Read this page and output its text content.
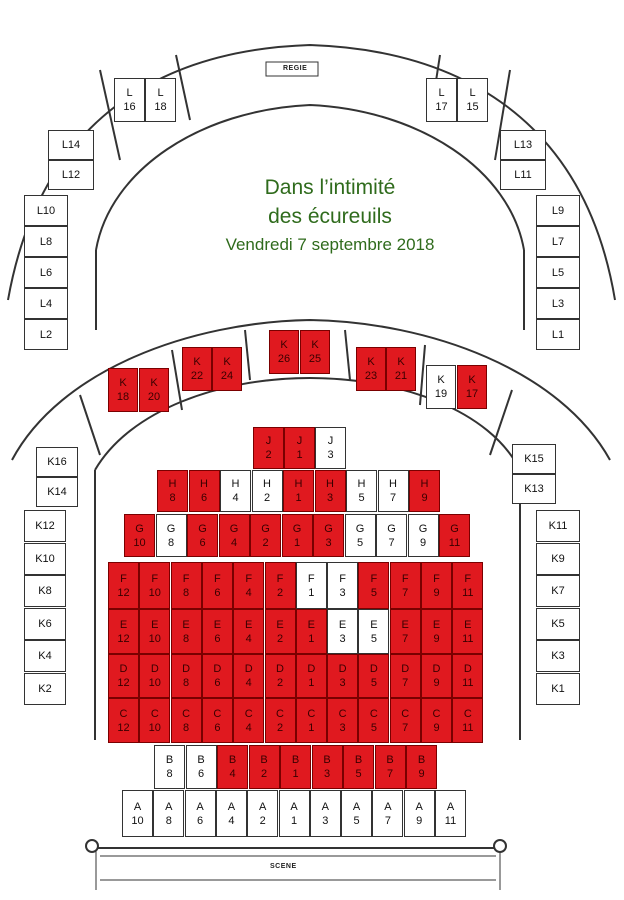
REGIE
SCENE
Dans l’intimité
des écureuils
Vendredi 7 septembre 2018
L
16
L
18
L14
L12
L10
L8
L6
L4
L2
L
17
L
15
L13
L11
L9
L7
L5
L3
L1
K
18
K
20
K
22
K
24
K
26
K
25	K
23
K
21	K
19
K
17
K16
K14
K12
K10
K8
K6
K4
K2
K15
K13
K11
K9
K7
K5
K3
K1
J
2
J
1
J
3
H
8
H
6
H
4
H
2
H
1
H
3
H
5
H
7
H
9
G
10
G
8
G
6
G
4
G
2
G
1
G
3
G
5
G
7
G
9
G
11
F
12
F
10
F
8
F
6
F
4
F
2
F
1
F
3
F
5
F
7
F
9
F
11
E
12
E
10
E
8
E
6
E
4
E
2
E
1
E
3
E
5
E
7
E
9
E
11
D
12
D
10
D
8
D
6
D
4
D
2
D
1
D
3
D
5
D
7
D
9
D
11
C
12
C
10
C
8
C
6
C
4
C
2
C
1
C
3
C
5
C
7
C
9
C
11
B
8
B
6
B
4
B
2
B
1
B
3
B
5
B
7
B
9
A
10
A
8
A
6
A
4
A
2
A
1
A
3
A
5
A
7
A
9
A
11
